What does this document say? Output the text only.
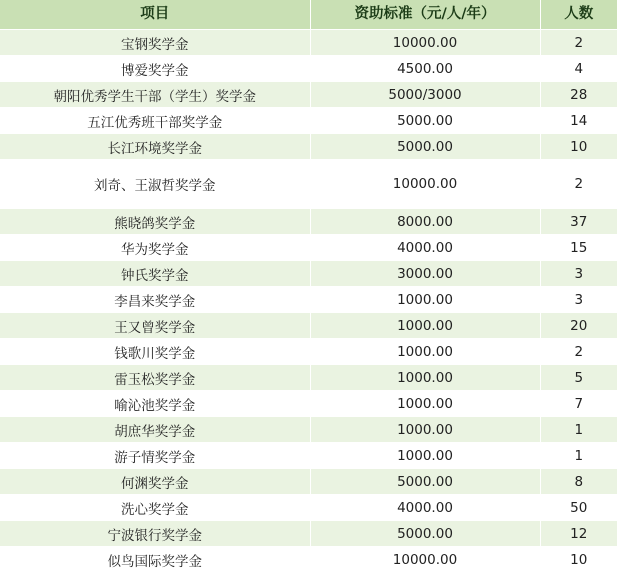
项目	资助标准（元/人/年）	人数
宝钢奖学金	10000.00	2
博爱奖学金	4500.00	4
朝阳优秀学生干部（学生）奖学金	5000/3000	28
五江优秀班干部奖学金	5000.00	14
长江环境奖学金	5000.00	10
刘奇、王淑哲奖学金	10000.00	2
熊晓鸽奖学金	8000.00	37
华为奖学金	4000.00	15
钟氏奖学金	3000.00	3
李昌来奖学金	1000.00	3
王又曾奖学金	1000.00	20
钱歌川奖学金	1000.00	2
雷玉松奖学金	1000.00	5
喻沁池奖学金	1000.00	7
胡庶华奖学金	1000.00	1
游子情奖学金	1000.00	1
何渊奖学金	5000.00	8
洗心奖学金	4000.00	50
宁波银行奖学金	5000.00	12
似鸟国际奖学金	10000.00	10
